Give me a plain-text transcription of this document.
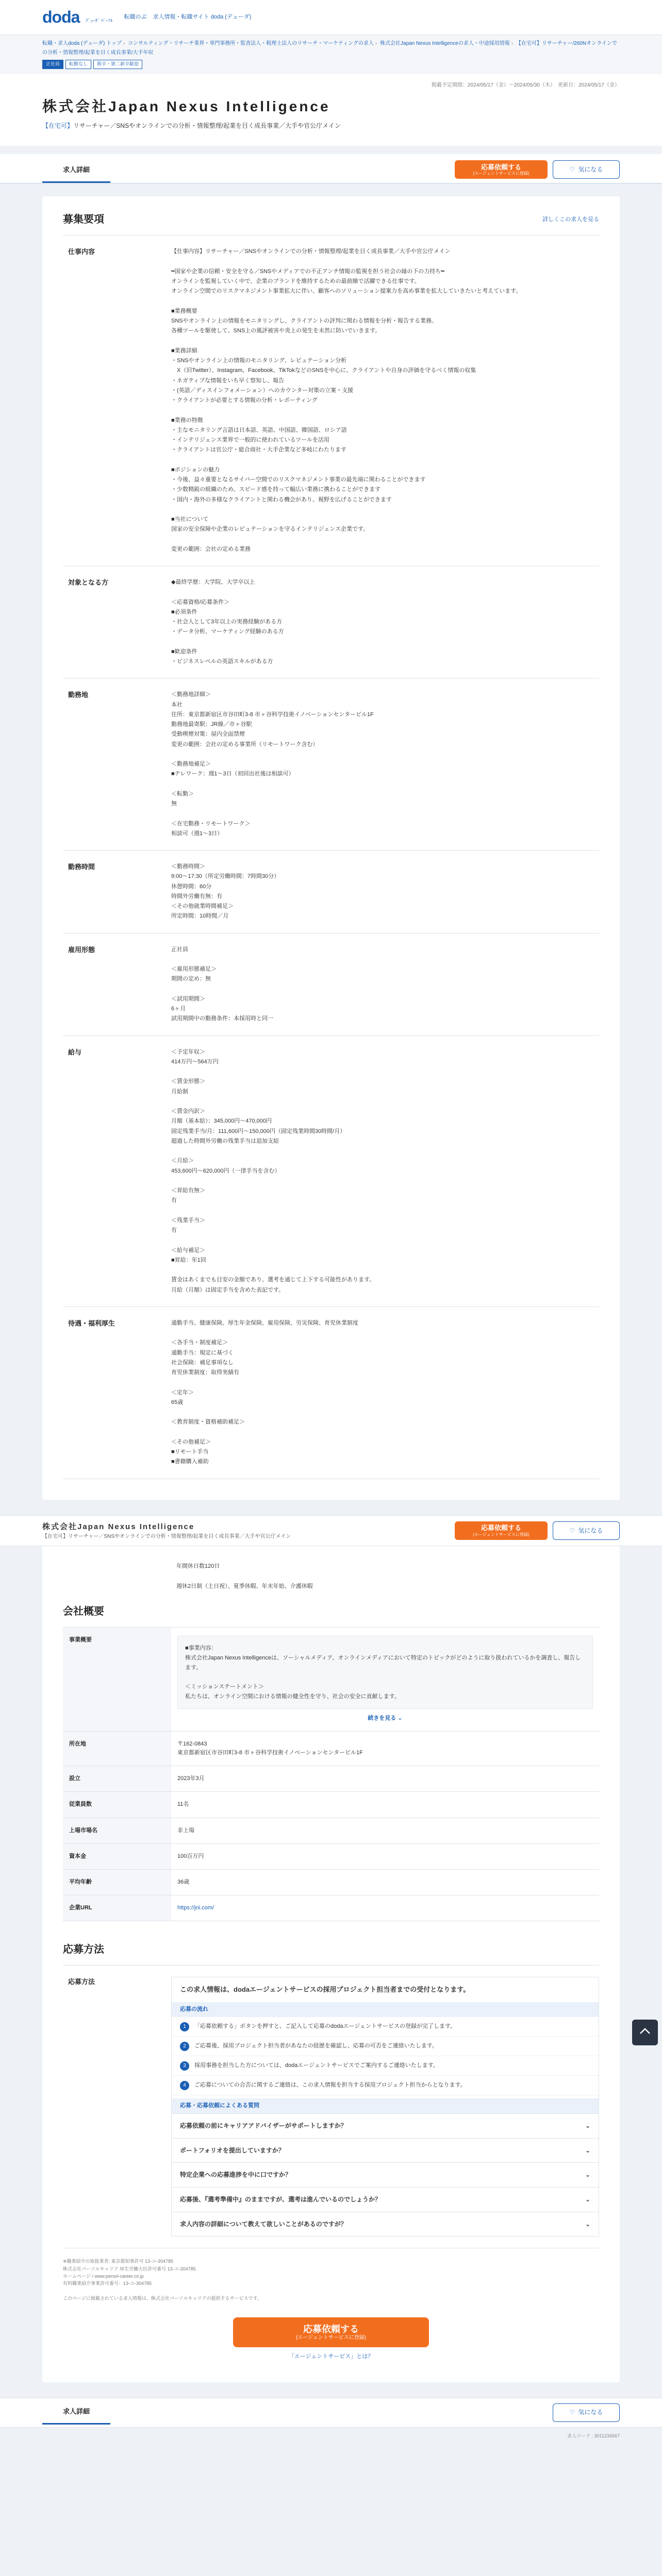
doda ﾃﾞｭｰﾀﾞ ﾊﾟｰｿﾙ
転職のぶ 求人情報・転職サイト doda (デューダ)
転職・求人doda (デューダ) トップ › コンサルティング・リサーチ業界・専門事務所・監査法人・税理士法人のリサーチ・マーケティングの求人 › 株式会社Japan Nexus Intelligenceの求人・中途採用情報 › 【在宅可】リサーチャー/260Nオンラインでの分析・情報整理/起業を目く成長事業/大手年収
正社員	転勤なし	既卒・第二新卒歓迎
掲載予定期間：2024/05/17（金）～2024/05/30（木）　更新日：2024/05/17（金）
株式会社Japan Nexus Intelligence
【在宅可】リサーチャー／SNSやオンラインでの分析・情報整理/起業を目く成長事業／大手や官公庁メイン
求人詳細	応募依頼する
(エージェントサービスに登録)
♡ 気になる
募集要項	詳しくこの求人を見る
仕事内容	【仕事内容】リサーチャー／SNSやオンラインでの分析・情報整理/起業を目く成長事業／大手や官公庁メイン

━国家や企業の信頼・安全を守る／SNSやメディアでの不正アンチ情報の監視を担う社会の縁の下の力持ち━
オンラインを監視していく中で、企業のブランドを維持するための最前線で活躍できる仕事です。
オンライン空間でのリスクマネジメント事業拡大に伴い、顧客へのソリューション提案力を高め事業を拡大していきたいと考えています。

■業務概要
SNSやオンライン上の情報をモニタリングし、クライアントの評判に関わる情報を分析・報告する業務。
各種ツールを駆使して、SNS上の風評被害や炎上の発生を未然に防いでいきます。

■業務詳細
・SNSやオンライン上の情報のモニタリング、レピュテーション分析
　X（旧Twitter）、Instagram、Facebook、TikTokなどのSNSを中心に、クライアントや自身の評価を守るべく情報の収集
・ネガティブな情報をいち早く察知し、報告
・(英語／ディスインフォメーション）へのカウンター対策の立案・支援
・クライアントが必要とする情報の分析・レポーティング

■業務の特徴
・主なモニタリング言語は日本語、英語、中国語、韓国語、ロシア語
・インテリジェンス業界で一般的に使われているツールを活用
・クライアントは官公庁・総合商社・大手企業など多岐にわたります

■ポジションの魅力
・今後、益々重要となるサイバー空間でのリスクマネジメント事業の最先端に関わることができます
・少数精鋭の組織のため、スピード感を持って幅広い業務に携わることができます
・国内・海外の多様なクライアントと関わる機会があり、視野を広げることができます

■当社について
国家の安全保障や企業のレピュテーションを守るインテリジェンス企業です。

変更の範囲：会社の定める業務
対象となる方	◆最終学歴：大学院、大学卒以上

＜応募資格/応募条件＞
■必須条件
・社会人として3年以上の実務経験がある方
・データ分析、マーケティング経験のある方

■歓迎条件
・ビジネスレベルの英語スキルがある方
勤務地	＜勤務地詳細＞
本社
住所：東京都新宿区市谷田町3-8 市ヶ谷科学技術イノベーションセンタービル1F
勤務地最寄駅：JR線／市ヶ谷駅
受動喫煙対策：屋内全面禁煙
変更の範囲：会社の定める事業所（リモートワーク含む）

＜勤務地補足＞
■テレワーク：週1～3日（初回出社後は相談可）

＜転勤＞
無

＜在宅勤務・リモートワーク＞
相談可（週1～3日）
勤務時間	＜勤務時間＞
9:00～17:30（所定労働時間：7時間30分）
休憩時間：60分
時間外労働有無：有
＜その他就業時間補足＞
所定時間：10時間／月
雇用形態	正社員

＜雇用形態補足＞
期間の定め：無

＜試用期間＞
6ヶ月
試用期間中の勤務条件：本採用時と同一
給与	＜予定年収＞
414万円～564万円

＜賃金形態＞
月給制

＜賃金内訳＞
月額（基本給）：345,000円～470,000円
固定残業手当/月：111,600円～150,000円（固定残業時間30時間/月）
超過した時間外労働の残業手当は追加支給

＜月給＞
453,600円～620,000円（一律手当を含む）

＜昇給有無＞
有

＜残業手当＞
有

＜給与補足＞
■昇給：年1回

賃金はあくまでも目安の金額であり、選考を通じて上下する可能性があります。
月給（月額）は固定手当を含めた表記です。
待遇・福利厚生	通勤手当、健康保険、厚生年金保険、雇用保険、労災保険、育児休業制度

＜各手当・制度補足＞
通勤手当：規定に基づく
社会保険：補足事項なし
育児休業制度：取得実績有

＜定年＞
65歳

＜教育制度・資格補助補足＞

＜その他補足＞
■リモート手当
■書籍購入補助
株式会社Japan Nexus Intelligence
【在宅可】リサーチャー／SNSやオンラインでの分析・情報整理/起業を目く成長事業／大手や官公庁メイン
応募依頼する
(エージェントサービスに登録)
♡ 気になる
年間休日数120日

週休2日制（土日祝）、夏季休暇、年末年始、介護休暇
会社概要
事業概要	■事業内容：
株式会社Japan Nexus Intelligenceは、ソーシャルメディア、オンラインメディアにおいて特定のトピックがどのように取り扱われているかを調査し、報告します。

＜ミッションステートメント＞
私たちは、オンライン空間における情報の健全性を守り、社会の安全に貢献します。
続きを見る ⌄

所在地	〒162-0843
東京都新宿区市谷田町3-8 市ヶ谷科学技術イノベーションセンタービル1F
設立	2023年3月
従業員数	11名
上場市場名	非上場
資本金	100百万円
平均年齢	36歳
企業URL	https://jni.com/
応募方法
応募方法
この求人情報は、dodaエージェントサービスの採用プロジェクト担当者までの受付となります。
応募の流れ
1	「応募依頼する」ボタンを押すと、ご記入して応募のdodaエージェントサービスの登録が完了します。
2	ご応募後、採用プロジェクト担当者があなたの経歴を確認し、応募の可否をご連絡いたします。
3	採用事務を担当した方については、dodaエージェントサービスでご案内するご連絡いたします。
4	ご応募についての合否に関するご連絡は、この求人情報を担当する採用プロジェクト担当からとなります。
応募・応募依頼によくある質問
応募依頼の前にキャリアアドバイザーがサポートしますか？	⌄
ポートフォリオを提出していますか？	⌄
特定企業への応募進捗を中に口ですか？	⌄
応募後、『選考準備中』のままですが、選考は進んでいるのでしょうか？	⌄
求人内容の詳細について教えて欲しいことがあるのですが？	⌄
※職業紹介の取扱業者: 東京都知事許可 13-ユ-304785
株式会社パーソルキャリア 厚生労働大臣許可番号 13-ユ-304785
ホームページ / www.persol-career.co.jp
有料職業紹介事業許可番号：13-ユ-304785

このページに掲載されている求人情報は、株式会社パーソルキャリアの提供するサービスです。
応募依頼する
(エージェントサービスに登録)
「エージェントサービス」とは？
求人詳細	♡ 気になる
求人コード : 3011234567
